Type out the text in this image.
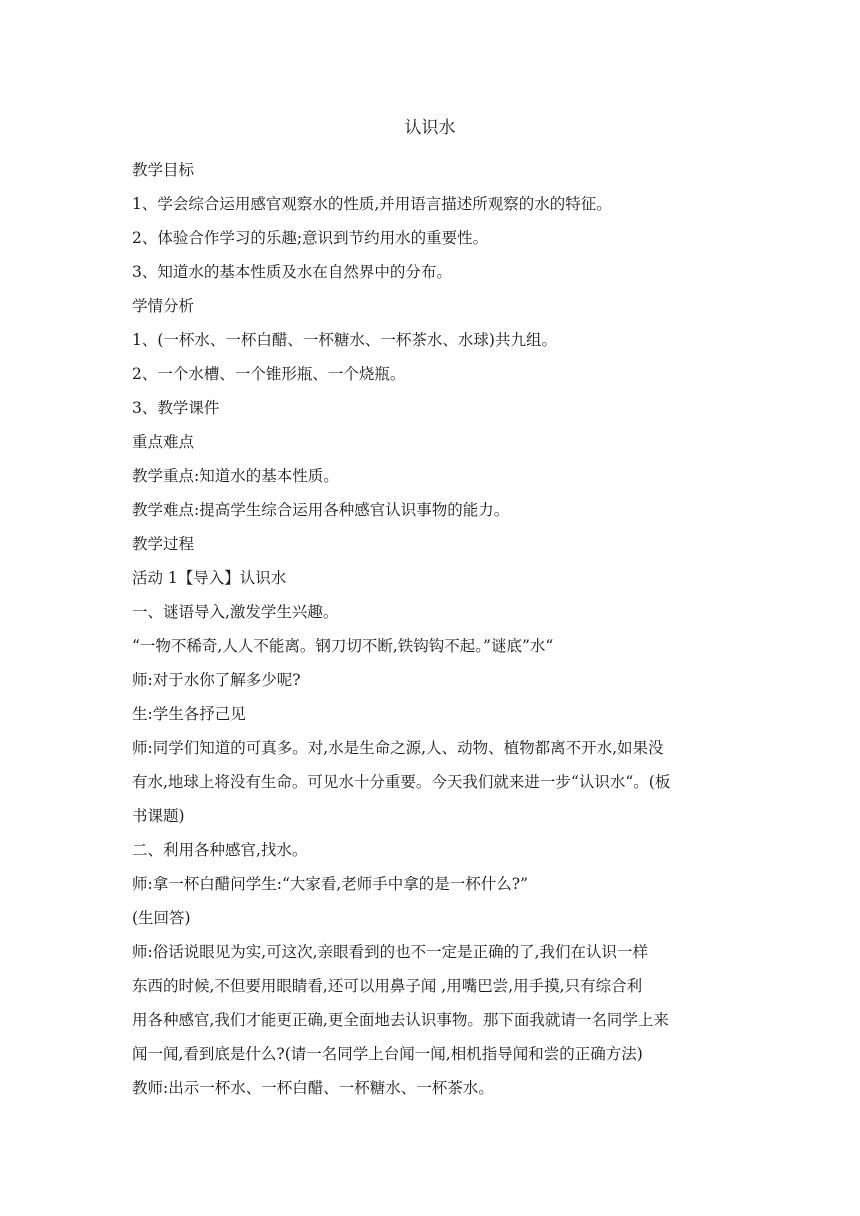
认识水

教学目标

1、学会综合运用感官观察水的性质,并用语言描述所观察的水的特征。

2、体验合作学习的乐趣;意识到节约用水的重要性。

3、知道水的基本性质及水在自然界中的分布。

学情分析

1、(一杯水、一杯白醋、一杯糖水、一杯茶水、水球)共九组。

2、一个水槽、一个锥形瓶、一个烧瓶。

3、教学课件

重点难点

教学重点:知道水的基本性质。

教学难点:提高学生综合运用各种感官认识事物的能力。

教学过程

活动 1【导入】认识水

一、谜语导入,激发学生兴趣。

“一物不稀奇,人人不能离。钢刀切不断,铁钩钩不起。”谜底”水“

师:对于水你了解多少呢?

生:学生各抒己见

师:同学们知道的可真多。对,水是生命之源,人、动物、植物都离不开水,如果没

有水,地球上将没有生命。可见水十分重要。今天我们就来进一步“认识水“。(板

书课题)

二、利用各种感官,找水。

师:拿一杯白醋问学生:“大家看,老师手中拿的是一杯什么?”

(生回答)

师:俗话说眼见为实,可这次,亲眼看到的也不一定是正确的了,我们在认识一样

东西的时候,不但要用眼睛看,还可以用鼻子闻 ,用嘴巴尝,用手摸,只有综合利

用各种感官,我们才能更正确,更全面地去认识事物。那下面我就请一名同学上来

闻一闻,看到底是什么?(请一名同学上台闻一闻,相机指导闻和尝的正确方法)

教师:出示一杯水、一杯白醋、一杯糖水、一杯茶水。
